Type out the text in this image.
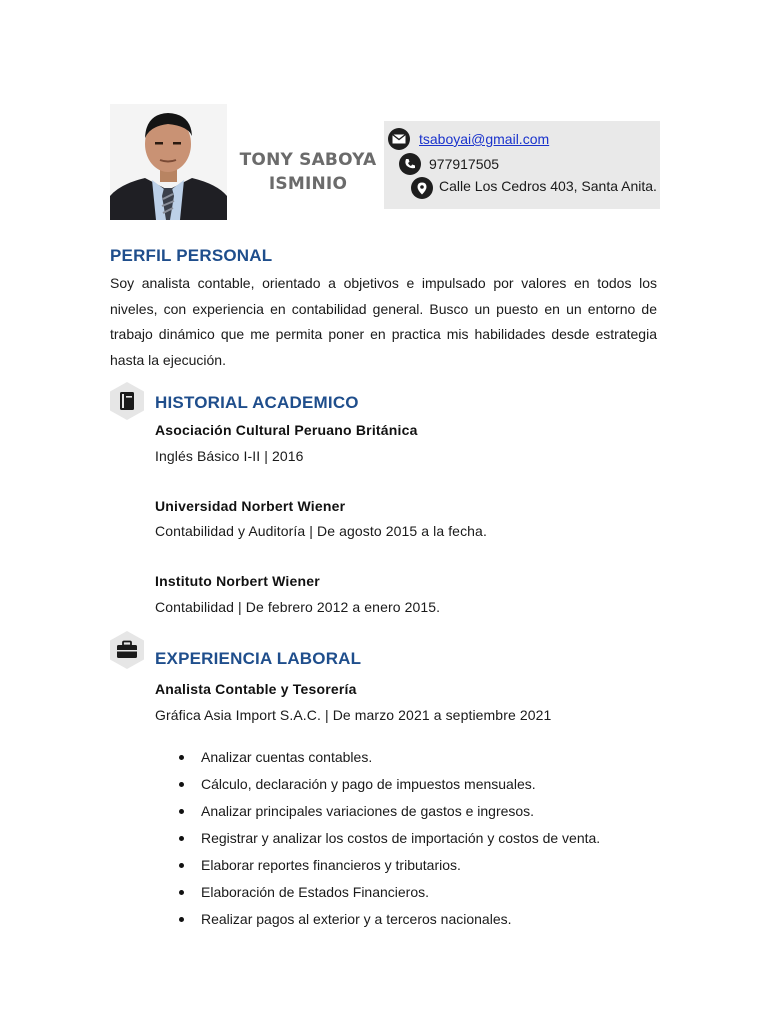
TONY SABOYA
ISMINIO
tsaboyai@gmail.com
977917505
Calle Los Cedros 403, Santa Anita.
PERFIL PERSONAL
Soy analista contable, orientado a objetivos e impulsado por valores en todos los niveles, con experiencia en contabilidad general. Busco un puesto en un entorno de trabajo dinámico que me permita poner en practica mis habilidades desde estrategia hasta la ejecución.
HISTORIAL ACADEMICO
Asociación Cultural Peruano Británica
Inglés Básico I-II | 2016
Universidad Norbert Wiener
Contabilidad y Auditoría | De agosto 2015 a la fecha.
Instituto Norbert Wiener
Contabilidad | De febrero 2012 a enero 2015.
EXPERIENCIA LABORAL
Analista Contable y Tesorería
Gráfica Asia Import S.A.C. | De marzo 2021 a septiembre 2021
Analizar cuentas contables.
Cálculo, declaración y pago de impuestos mensuales.
Analizar principales variaciones de gastos e ingresos.
Registrar y analizar los costos de importación y costos de venta.
Elaborar reportes financieros y tributarios.
Elaboración de Estados Financieros.
Realizar pagos al exterior y a terceros nacionales.
